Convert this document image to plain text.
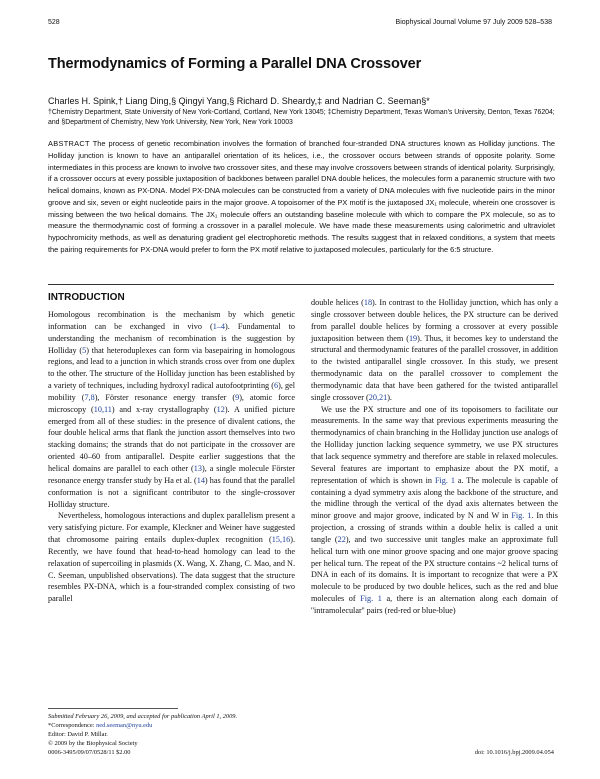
528	Biophysical Journal Volume 97 July 2009 528–538
Thermodynamics of Forming a Parallel DNA Crossover
Charles H. Spink,† Liang Ding,§ Qingyi Yang,§ Richard D. Sheardy,‡ and Nadrian C. Seeman§*
†Chemistry Department, State University of New York-Cortland, Cortland, New York 13045; ‡Chemistry Department, Texas Woman's University, Denton, Texas 76204; and §Department of Chemistry, New York University, New York, New York 10003
ABSTRACT The process of genetic recombination involves the formation of branched four-stranded DNA structures known as Holliday junctions. The Holliday junction is known to have an antiparallel orientation of its helices, i.e., the crossover occurs between strands of opposite polarity. Some intermediates in this process are known to involve two crossover sites, and these may involve crossovers between strands of identical polarity. Surprisingly, if a crossover occurs at every possible juxtaposition of backbones between parallel DNA double helices, the molecules form a paranemic structure with two helical domains, known as PX-DNA. Model PX-DNA molecules can be constructed from a variety of DNA molecules with five nucleotide pairs in the minor groove and six, seven or eight nucleotide pairs in the major groove. A topoisomer of the PX motif is the juxtaposed JX₁ molecule, wherein one crossover is missing between the two helical domains. The JX₁ molecule offers an outstanding baseline molecule with which to compare the PX molecule, so as to measure the thermodynamic cost of forming a crossover in a parallel molecule. We have made these measurements using calorimetric and ultraviolet hypochromicity methods, as well as denaturing gradient gel electrophoretic methods. The results suggest that in relaxed conditions, a system that meets the pairing requirements for PX-DNA would prefer to form the PX motif relative to juxtaposed molecules, particularly for the 6:5 structure.
INTRODUCTION

Homologous recombination is the mechanism by which genetic information can be exchanged in vivo (1–4). Fundamental to understanding the mechanism of recombination is the suggestion by Holliday (5) that heteroduplexes can form via basepairing in homologous regions, and lead to a junction in which strands cross over from one duplex to the other. The structure of the Holliday junction has been established by a variety of techniques, including hydroxyl radical autofootprinting (6), gel mobility (7,8), Förster resonance energy transfer (9), atomic force microscopy (10,11) and x-ray crystallography (12). A unified picture emerged from all of these studies: in the presence of divalent cations, the four double helical arms that flank the junction assort themselves into two stacking domains; the strands that do not participate in the crossover are oriented 40–60 from antiparallel. Despite earlier suggestions that the helical domains are parallel to each other (13), a single molecule Förster resonance energy transfer study by Ha et al. (14) has found that the parallel conformation is not a significant contributor to the single-crossover Holliday structure.

Nevertheless, homologous interactions and duplex parallelism present a very satisfying picture. For example, Kleckner and Weiner have suggested that chromosome pairing entails duplex-duplex recognition (15,16). Recently, we have found that head-to-head homology can lead to the relaxation of supercoiling in plasmids (X. Wang, X. Zhang, C. Mao, and N. C. Seeman, unpublished observations). The data suggest that the structure resembles PX-DNA, which is a four-stranded complex consisting of two parallel

double helices (18). In contrast to the Holliday junction, which has only a single crossover between double helices, the PX structure can be derived from parallel double helices by forming a crossover at every possible juxtaposition between them (19). Thus, it becomes key to understand the structural and thermodynamic features of the parallel crossover, in addition to the twisted antiparallel single crossover. In this study, we present thermodynamic data on the parallel crossover to complement the thermodynamic data that have been gathered for the twisted antiparallel single crossover (20,21).

We use the PX structure and one of its topoisomers to facilitate our measurements. In the same way that previous experiments measuring the thermodynamics of chain branching in the Holliday junction use analogs of the Holliday junction lacking sequence symmetry, we use PX structures that lack sequence symmetry and therefore are stable in relaxed molecules. Several features are important to emphasize about the PX motif, a representation of which is shown in Fig. 1 a. The molecule is capable of containing a dyad symmetry axis along the backbone of the structure, and the midline through the vertical of the dyad axis alternates between the minor groove and major groove, indicated by N and W in Fig. 1. In this projection, a crossing of strands within a double helix is called a unit tangle (22), and two successive unit tangles make an approximate full helical turn with one minor groove spacing and one major groove spacing per helical turn. The repeat of the PX structure contains ~2 helical turns of DNA in each of its domains. It is important to recognize that were a PX molecule to be produced by two double helices, such as the red and blue molecules of Fig. 1 a, there is an alternation along each domain of ''intramolecular'' pairs (red-red or blue-blue)

Submitted February 26, 2009, and accepted for publication April 1, 2009.
*Correspondence: ned.seeman@nyu.edu
Editor: David P. Millar.
© 2009 by the Biophysical Society
0006-3495/09/07/0528/11 $2.00	doi: 10.1016/j.bpj.2009.04.054
